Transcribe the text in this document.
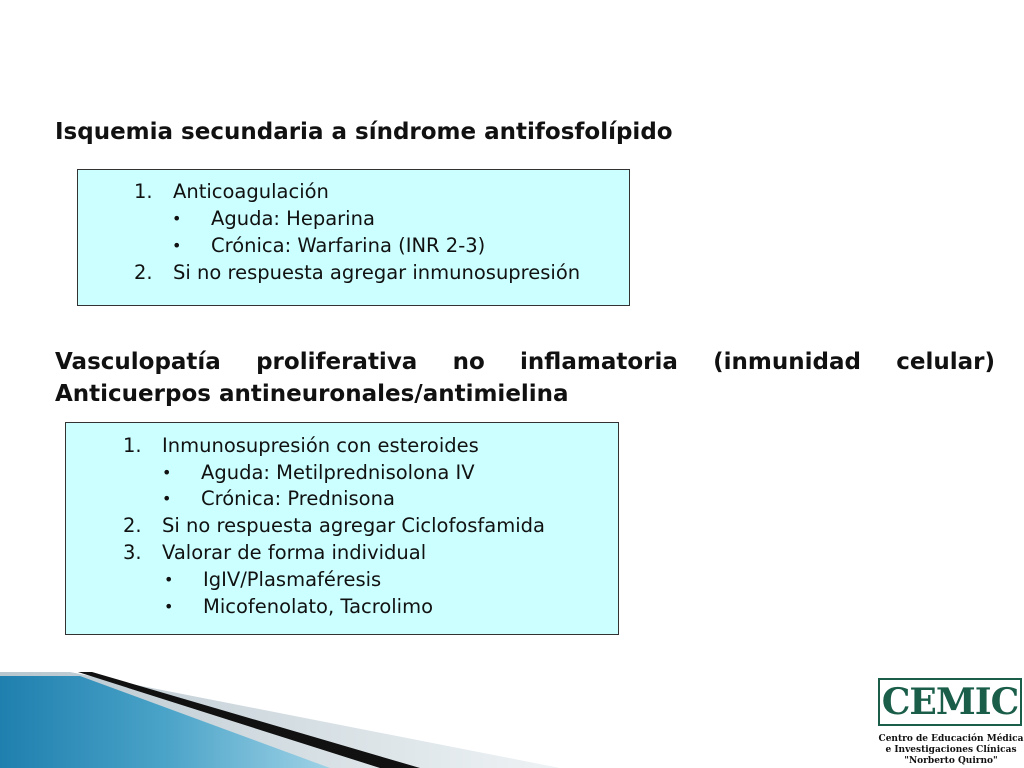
Isquemia secundaria a síndrome antifosfolípido
1. Anticoagulación
• Aguda: Heparina
• Crónica: Warfarina (INR 2-3)
2. Si no respuesta agregar inmunosupresión
Vasculopatía proliferativa no inflamatoria (inmunidad celular)
Anticuerpos antineuronales/antimielina
1. Inmunosupresión con esteroides
• Aguda: Metilprednisolona IV
• Crónica: Prednisona
2. Si no respuesta agregar Ciclofosfamida
3. Valorar de forma individual
• IgIV/Plasmaféresis
• Micofenolato, Tacrolimo
CEMIC
Centro de Educación Médica
e Investigaciones Clínicas
"Norberto Quirno"
